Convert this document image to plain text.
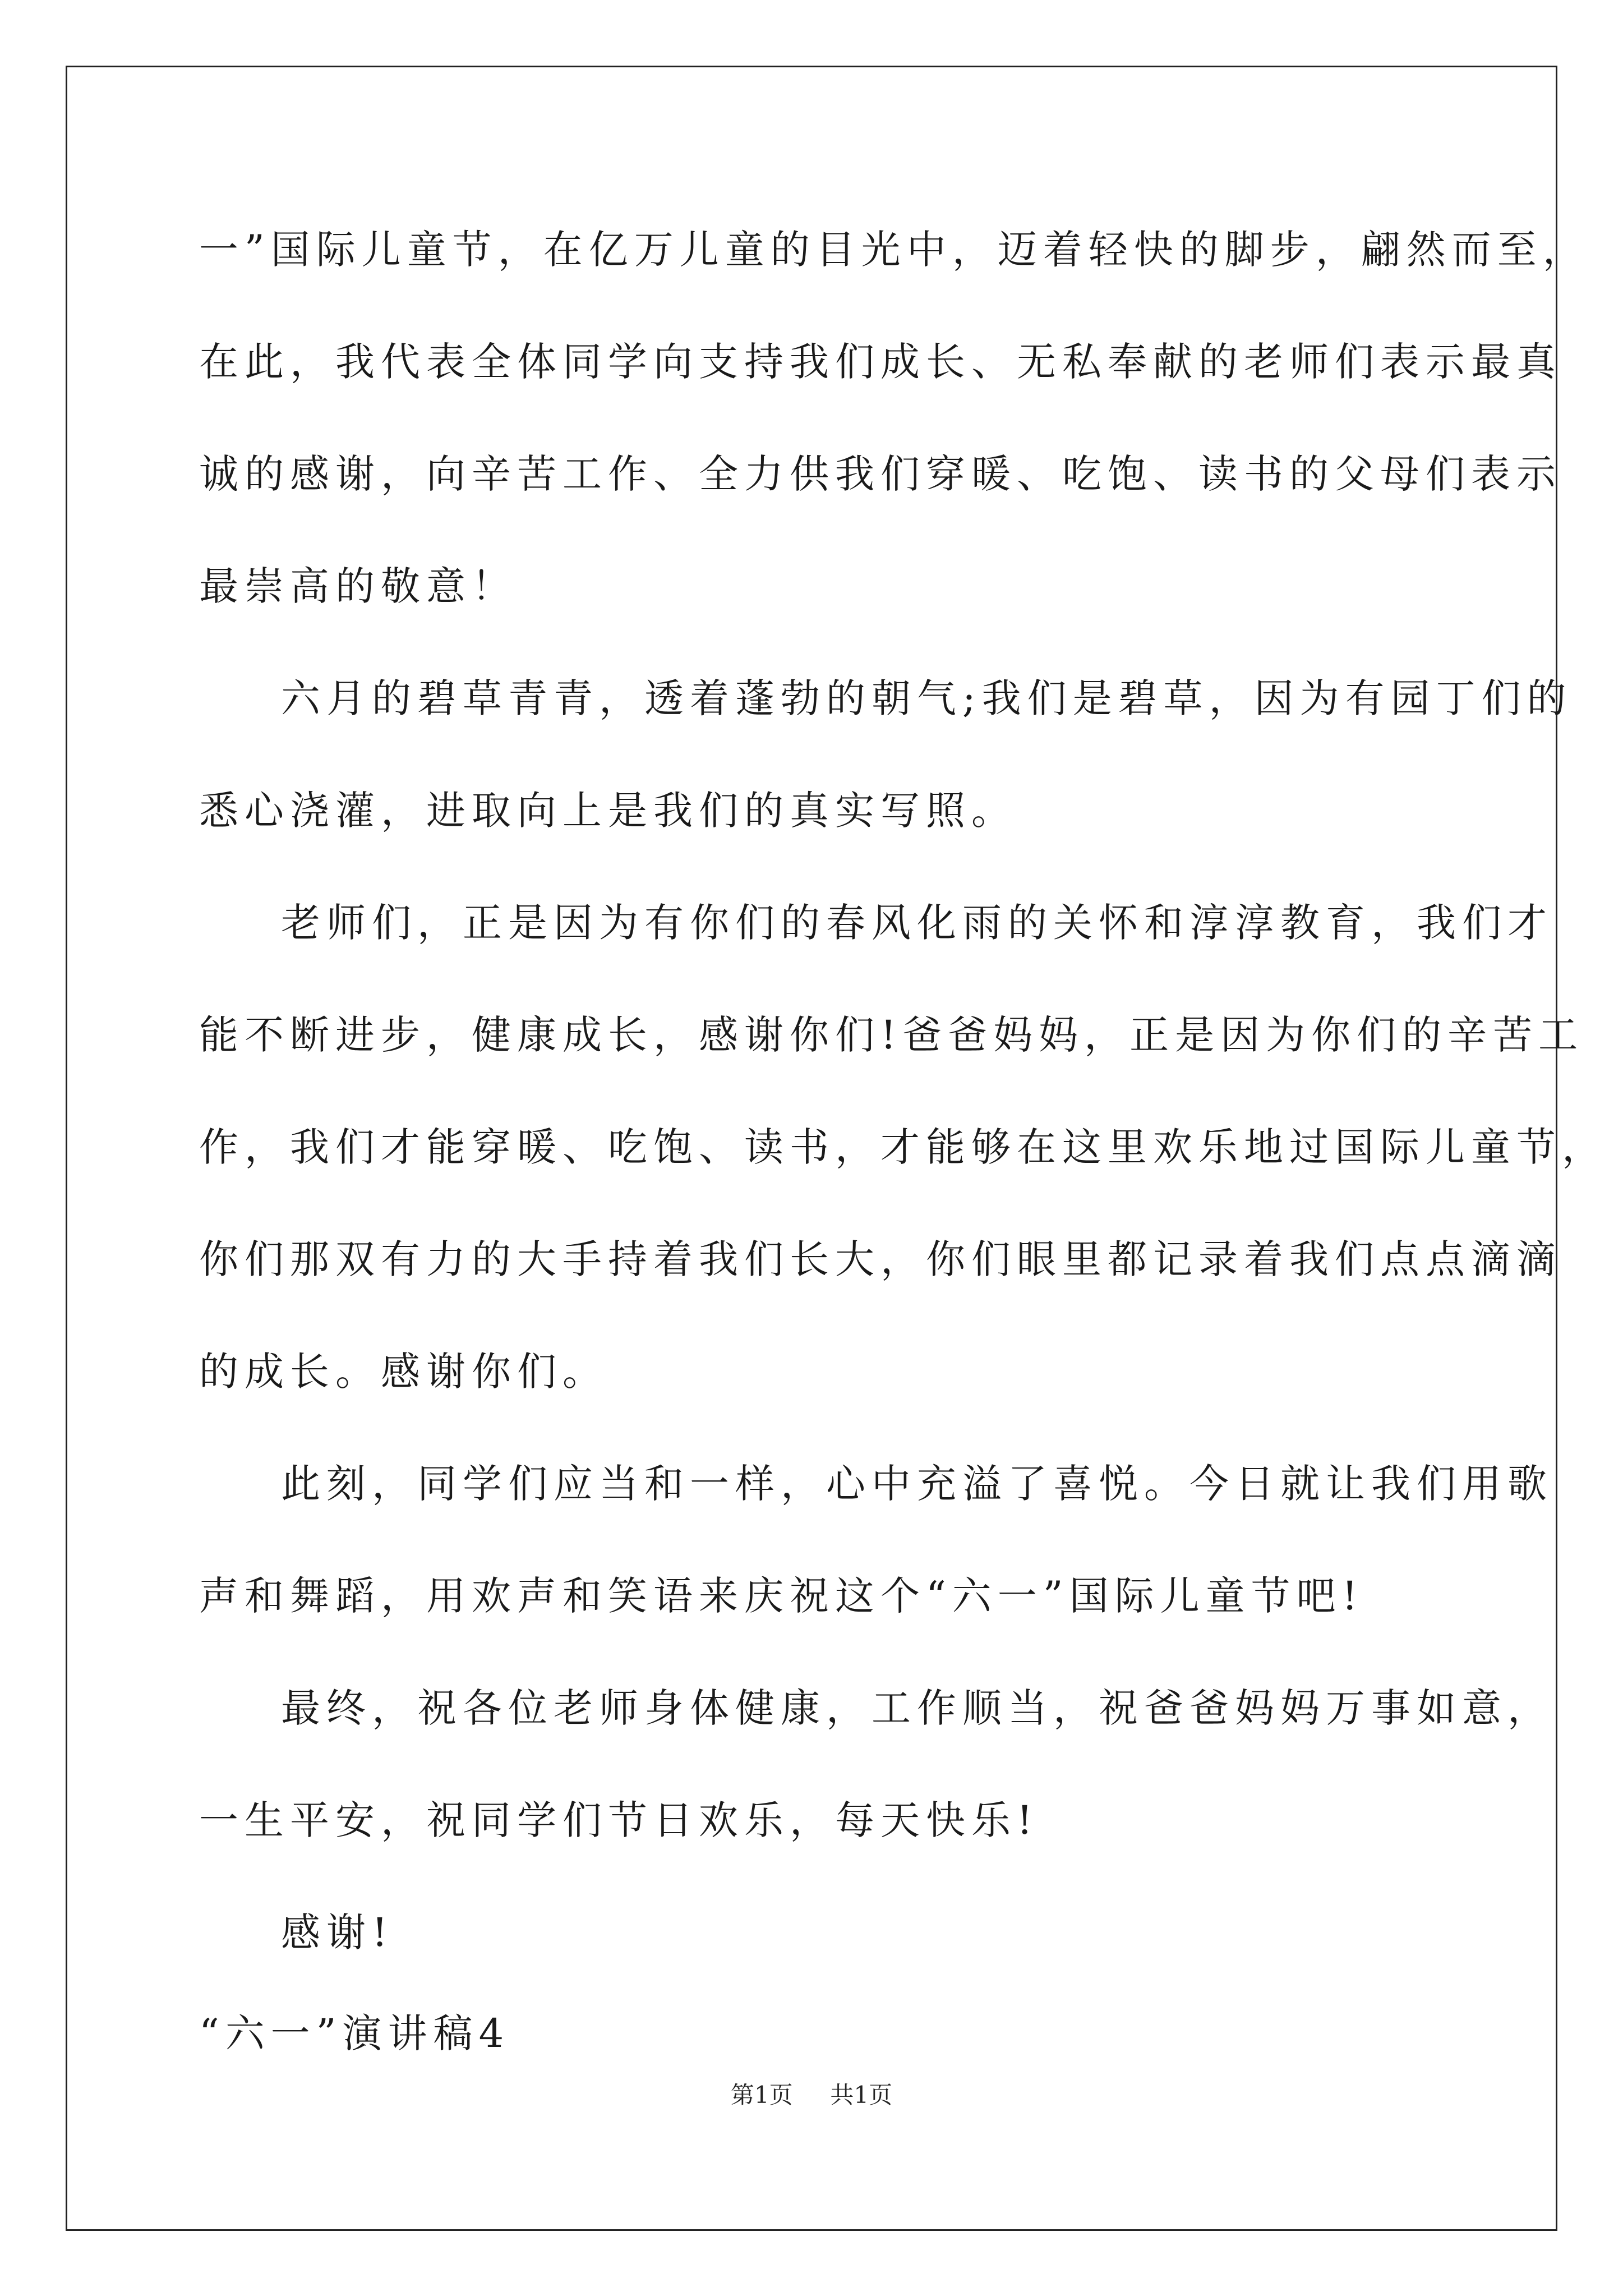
一”国际儿童节，在亿万儿童的目光中，迈着轻快的脚步，翩然而至，
在此，我代表全体同学向支持我们成长、无私奉献的老师们表示最真
诚的感谢，向辛苦工作、全力供我们穿暖、吃饱、读书的父母们表示
最崇高的敬意！
六月的碧草青青，透着蓬勃的朝气;我们是碧草，因为有园丁们的
悉心浇灌，进取向上是我们的真实写照。
老师们，正是因为有你们的春风化雨的关怀和淳淳教育，我们才
能不断进步，健康成长，感谢你们!爸爸妈妈，正是因为你们的辛苦工
作，我们才能穿暖、吃饱、读书，才能够在这里欢乐地过国际儿童节，
你们那双有力的大手持着我们长大，你们眼里都记录着我们点点滴滴
的成长。感谢你们。
此刻，同学们应当和一样，心中充溢了喜悦。今日就让我们用歌
声和舞蹈，用欢声和笑语来庆祝这个“六一”国际儿童节吧!
最终，祝各位老师身体健康，工作顺当，祝爸爸妈妈万事如意，
一生平安，祝同学们节日欢乐，每天快乐!
感谢!
“六一”演讲稿4
第1页 共1页
